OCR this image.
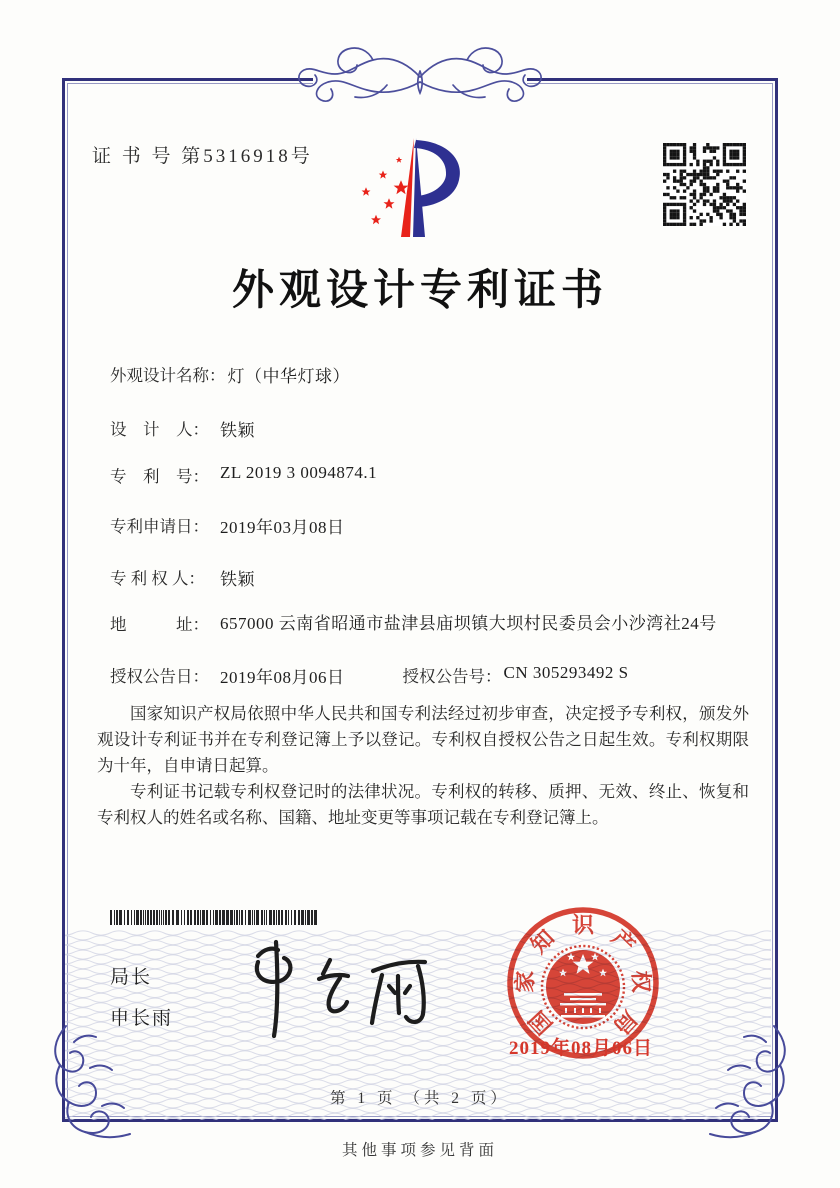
证 书 号 第5316918号
外观设计专利证书
外观设计名称： 灯（中华灯球）
设　计　人： 铁颖
专　利　号： ZL 2019 3 0094874.1
专利申请日： 2019年03月08日
专 利 权 人： 铁颖
地　　　址： 657000 云南省昭通市盐津县庙坝镇大坝村民委员会小沙湾社24号
授权公告日： 2019年08月06日	授权公告号： CN 305293492 S

国家知识产权局依照中华人民共和国专利法经过初步审查，决定授予专利权，颁发外观设计专利证书并在专利登记簿上予以登记。专利权自授权公告之日起生效。专利权期限为十年，自申请日起算。

专利证书记载专利权登记时的法律状况。专利权的转移、质押、无效、终止、恢复和专利权人的姓名或名称、国籍、地址变更等事项记载在专利登记簿上。

局长
申长雨	国
家
知 识 产
权
局
2019年08月06日
第 1 页 （共 2 页）
其他事项参见背面
